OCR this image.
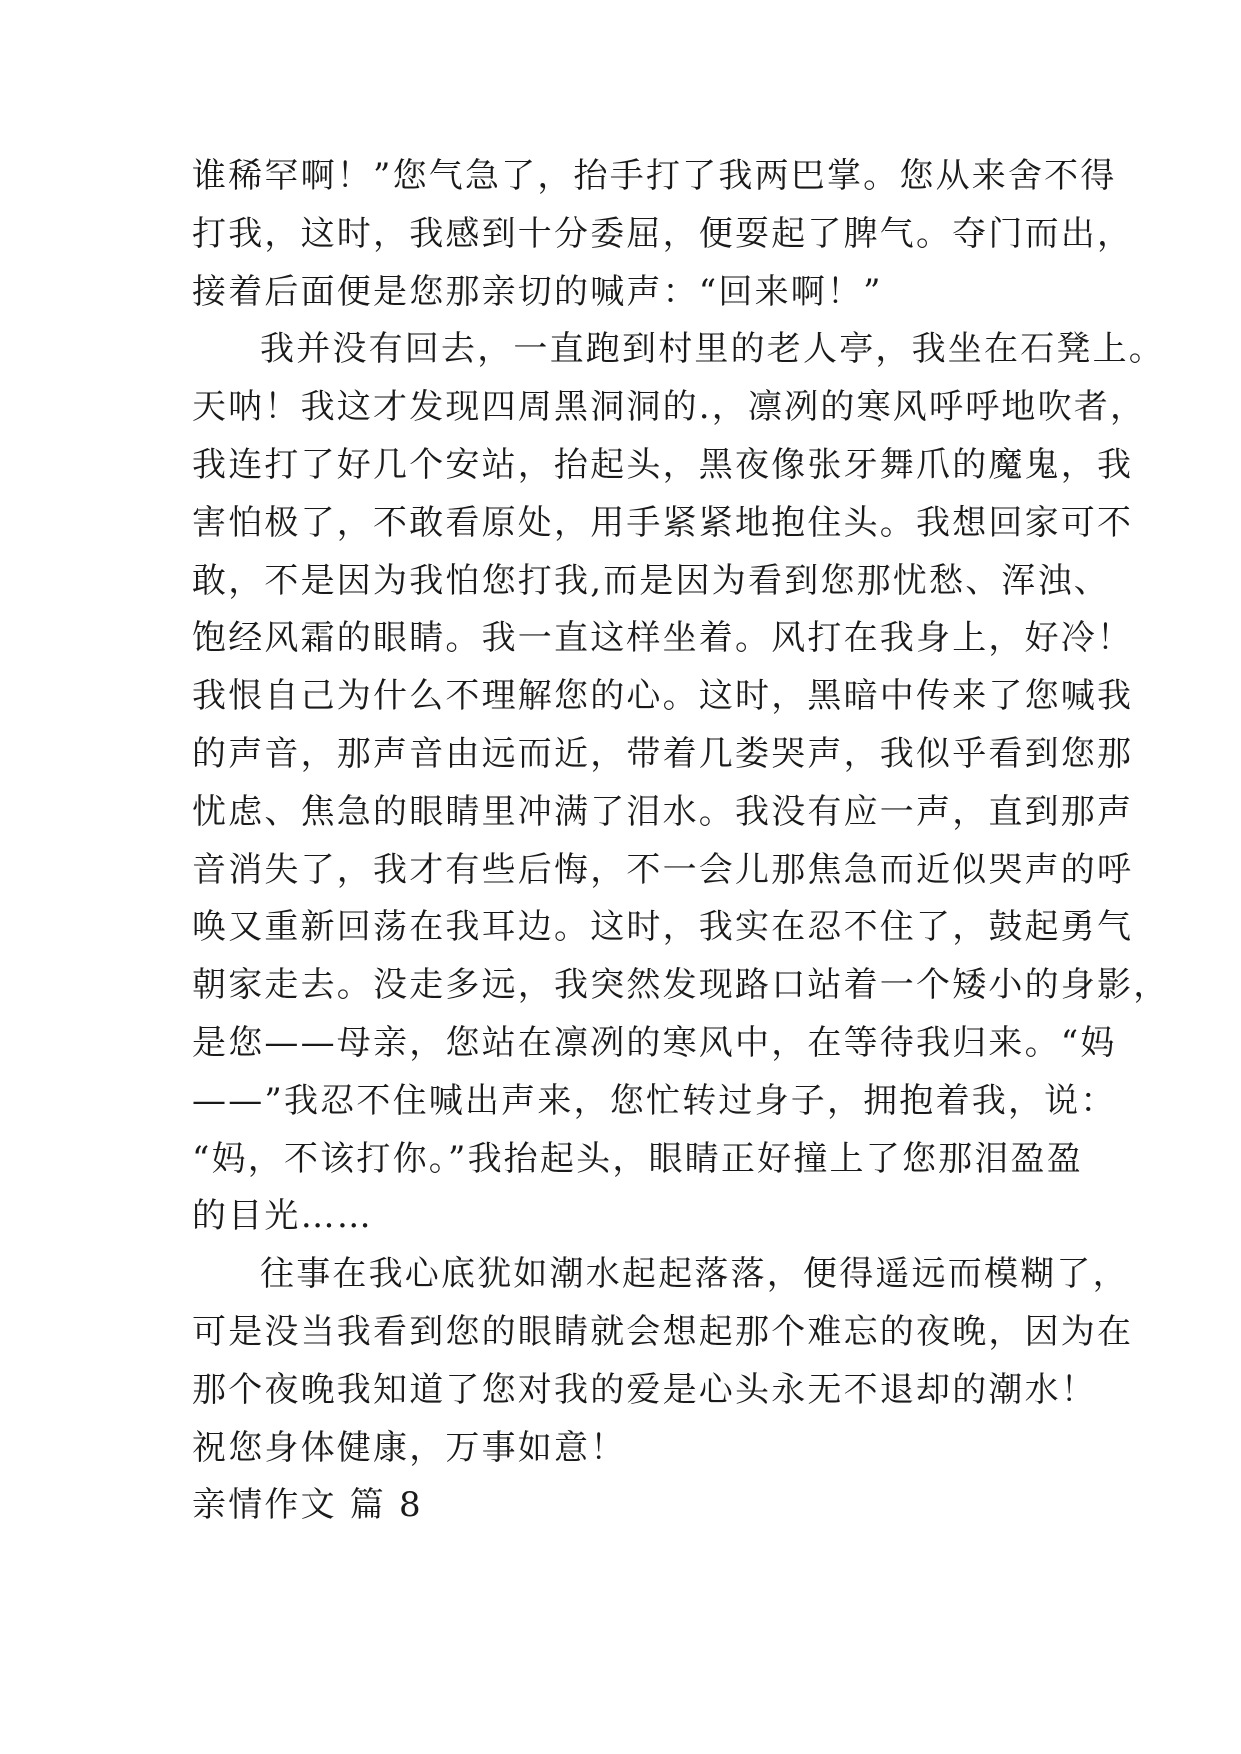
谁稀罕啊！”您气急了，抬手打了我两巴掌。您从来舍不得
打我，这时，我感到十分委屈，便耍起了脾气。夺门而出，
接着后面便是您那亲切的喊声：“回来啊！”
我并没有回去，一直跑到村里的老人亭，我坐在石凳上。
天呐！我这才发现四周黑洞洞的.，凛冽的寒风呼呼地吹者，
我连打了好几个安站，抬起头，黑夜像张牙舞爪的魔鬼，我
害怕极了，不敢看原处，用手紧紧地抱住头。我想回家可不
敢，不是因为我怕您打我,而是因为看到您那忧愁、浑浊、
饱经风霜的眼睛。我一直这样坐着。风打在我身上，好冷！
我恨自己为什么不理解您的心。这时，黑暗中传来了您喊我
的声音，那声音由远而近，带着几娄哭声，我似乎看到您那
忧虑、焦急的眼睛里冲满了泪水。我没有应一声，直到那声
音消失了，我才有些后悔，不一会儿那焦急而近似哭声的呼
唤又重新回荡在我耳边。这时，我实在忍不住了，鼓起勇气
朝家走去。没走多远，我突然发现路口站着一个矮小的身影，
是您——母亲，您站在凛冽的寒风中，在等待我归来。“妈
——”我忍不住喊出声来，您忙转过身子，拥抱着我，说：
“妈，不该打你。”我抬起头，眼睛正好撞上了您那泪盈盈
的目光……
往事在我心底犹如潮水起起落落，便得遥远而模糊了，
可是没当我看到您的眼睛就会想起那个难忘的夜晚，因为在
那个夜晚我知道了您对我的爱是心头永无不退却的潮水！
祝您身体健康，万事如意！
亲情作文 篇 8
